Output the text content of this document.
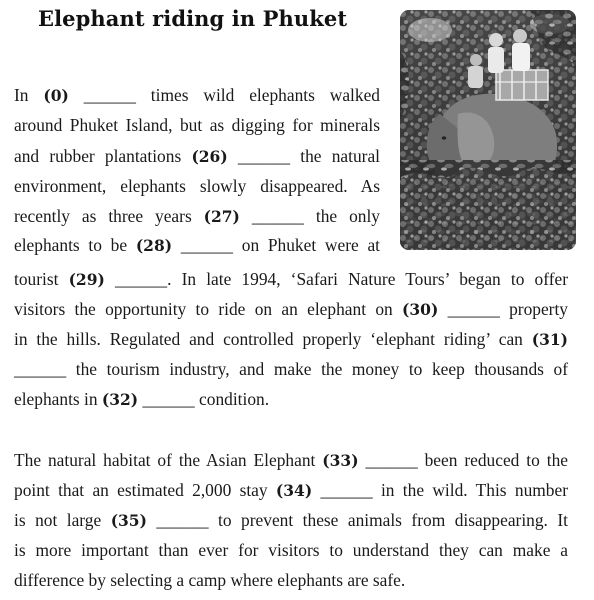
Elephant riding in Phuket
In (0) ______ times wild elephants walked
around Phuket Island, but as digging for minerals
and rubber plantations (26) ______ the natural
environment, elephants slowly disappeared. As
recently as three years (27) ______ the only
elephants to be (28) ______ on Phuket were at
tourist (29) ______. In late 1994, ‘Safari Nature Tours’ began to offer
visitors the opportunity to ride on an elephant on (30) ______ property
in the hills. Regulated and controlled properly ‘elephant riding’ can (31)
______ the tourism industry, and make the money to keep thousands of
elephants in (32) ______ condition.
The natural habitat of the Asian Elephant (33) ______ been reduced to the
point that an estimated 2,000 stay (34) ______ in the wild. This number
is not large (35) ______ to prevent these animals from disappearing. It
is more important than ever for visitors to understand they can make a
difference by selecting a camp where elephants are safe.
